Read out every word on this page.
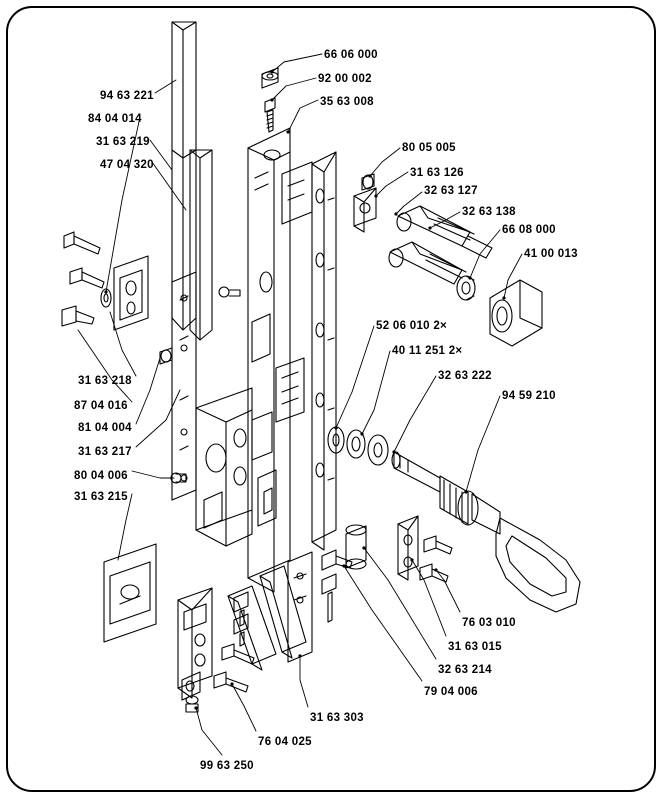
66 06 000
92 00 002
35 63 008
94 63 221
84 04 014
31 63 219
47 04 320
80 05 005
31 63 126
32 63 127
32 63 138
66 08 000
41 00 013
31 63 218
87 04 016
81 04 004
31 63 217
80 04 006
31 63 215
52 06 010 2×
40 11 251 2×
32 63 222
94 59 210
76 03 010
31 63 015
32 63 214
79 04 006
31 63 303
76 04 025
99 63 250
